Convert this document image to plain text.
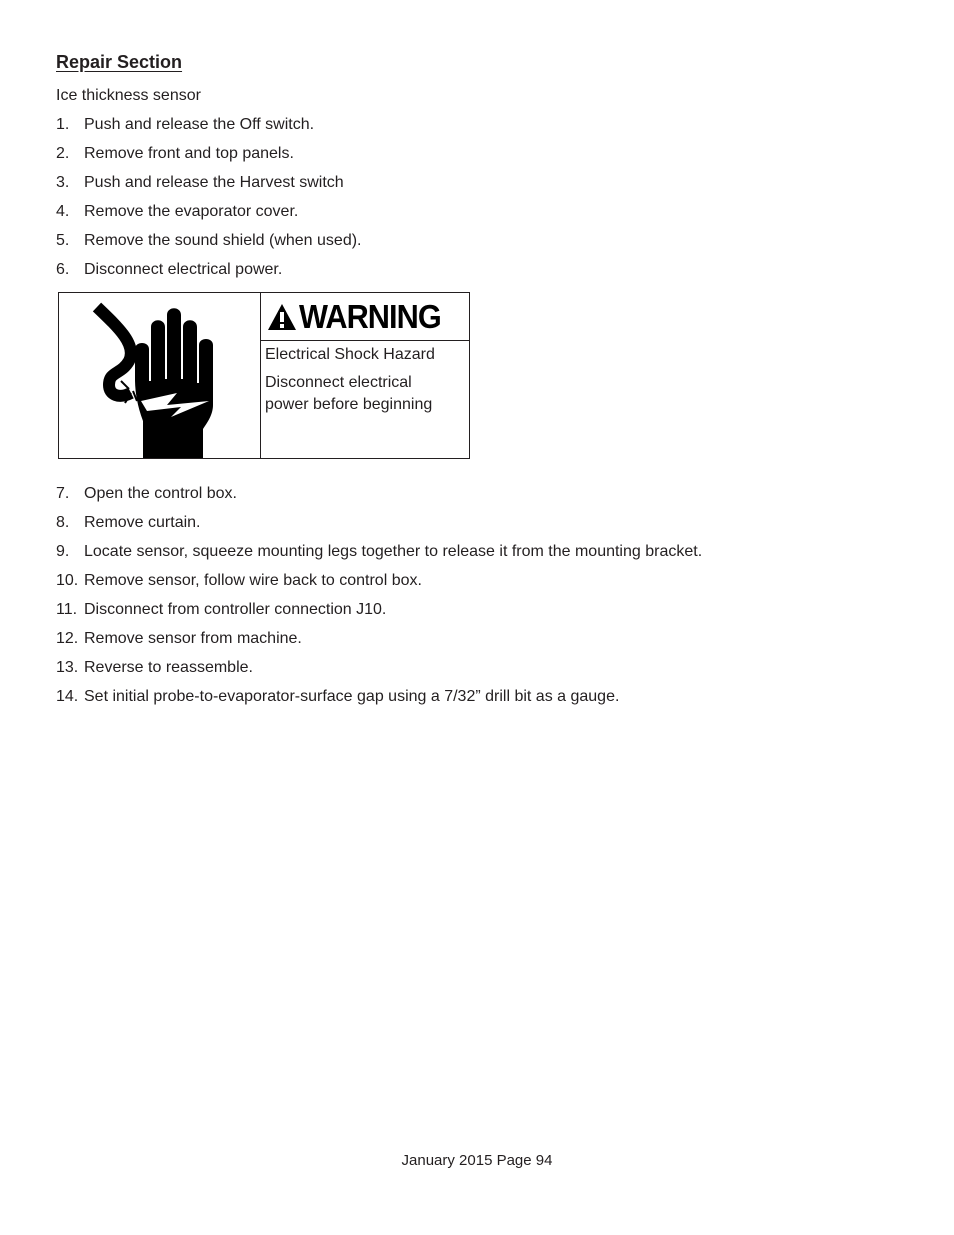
Repair Section

Ice thickness sensor

1. Push and release the Off switch.
2. Remove front and top panels.
3. Push and release the Harvest switch
4. Remove the evaporator cover.
5. Remove the sound shield (when used).
6. Disconnect electrical power.
WARNING

Electrical Shock Hazard

Disconnect electrical

power before beginning

7. Open the control box.
8. Remove curtain.
9. Locate sensor, squeeze mounting legs together to release it from the mounting bracket.
10. Remove sensor, follow wire back to control box.
11. Disconnect from controller connection J10.
12. Remove sensor from machine.
13. Reverse to reassemble.
14. Set initial probe-to-evaporator-surface gap using a 7/32” drill bit as a gauge.
January 2015 Page 94
